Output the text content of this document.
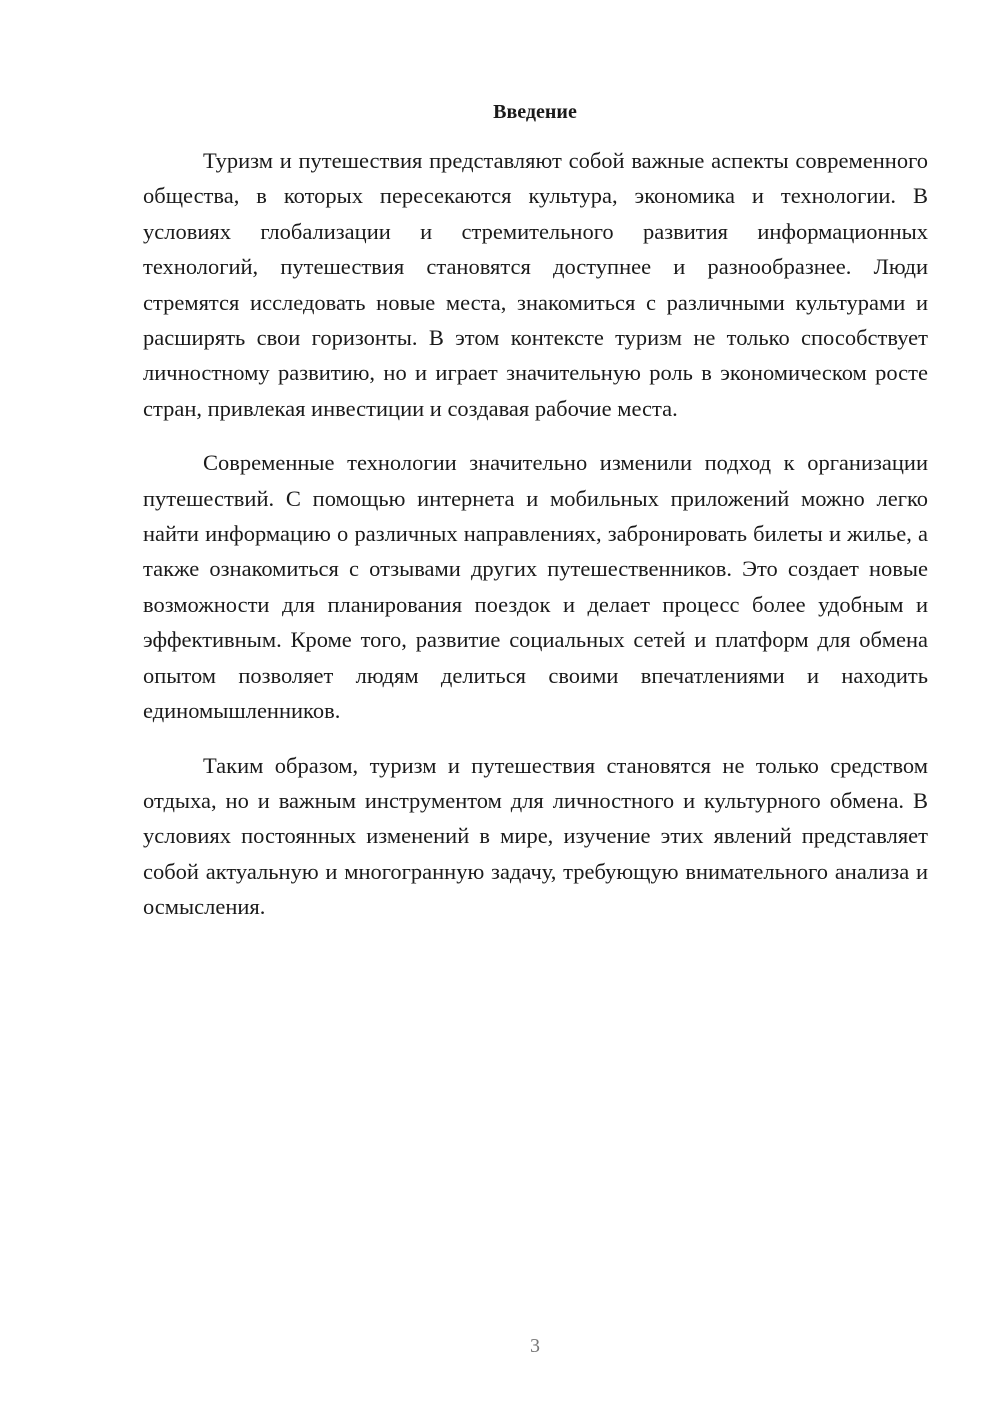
Введение

Туризм и путешествия представляют собой важные аспекты современного общества, в которых пересекаются культура, экономика и технологии. В условиях глобализации и стремительного развития информационных технологий, путешествия становятся доступнее и разнообразнее. Люди стремятся исследовать новые места, знакомиться с различными культурами и расширять свои горизонты. В этом контексте туризм не только способствует личностному развитию, но и играет значительную роль в экономическом росте стран, привлекая инвестиции и создавая рабочие места.

Современные технологии значительно изменили подход к организации путешествий. С помощью интернета и мобильных приложений можно легко найти информацию о различных направлениях, забронировать билеты и жилье, а также ознакомиться с отзывами других путешественников. Это создает новые возможности для планирования поездок и делает процесс более удобным и эффективным. Кроме того, развитие социальных сетей и платформ для обмена опытом позволяет людям делиться своими впечатлениями и находить единомышленников.

Таким образом, туризм и путешествия становятся не только средством отдыха, но и важным инструментом для личностного и культурного обмена. В условиях постоянных изменений в мире, изучение этих явлений представляет собой актуальную и многогранную задачу, требующую внимательного анализа и осмысления.

3
